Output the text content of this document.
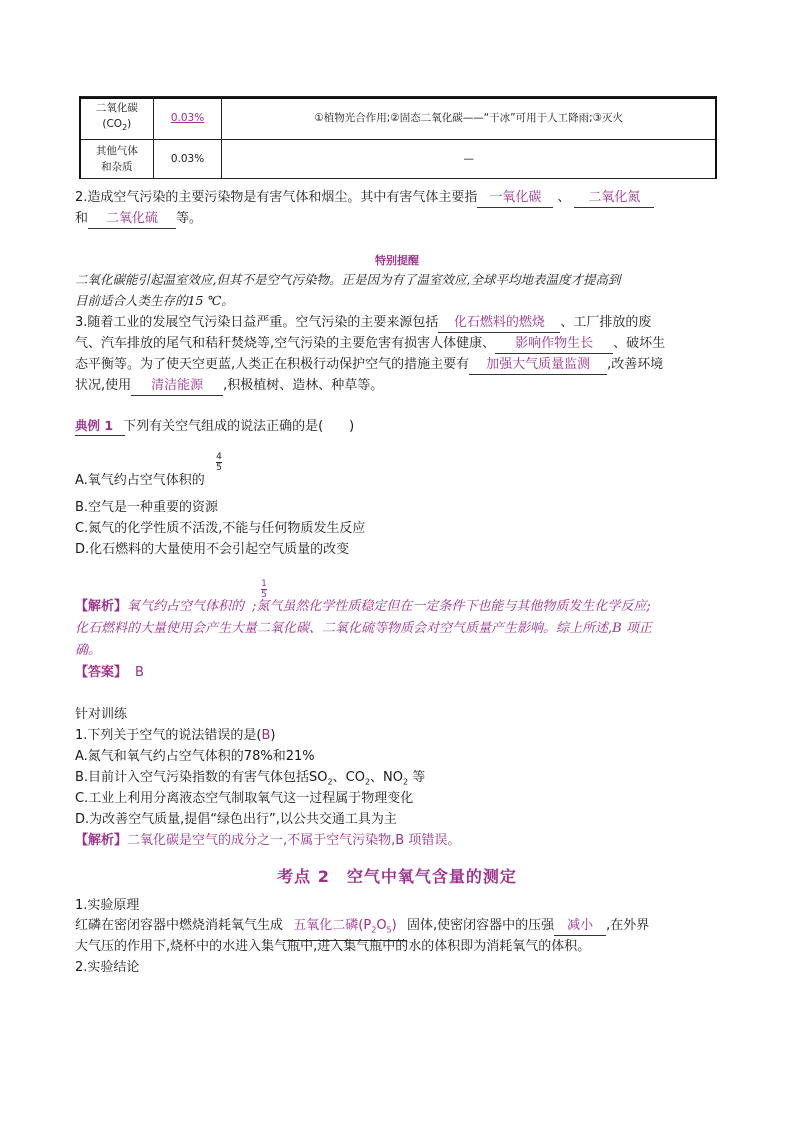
二氧化碳
$(CO_2)$	0.03%	①植物光合作用;②固态二氧化碳——“干冰”可用于人工降雨;③灭火

其他气体
和杂质	0.03%	—
2.造成空气污染的主要污染物是有害气体和烟尘。其中有害气体主要指 一氧化碳 、 二氧化氮
和 二氧化硫 等。
特别提醒
二氧化碳能引起温室效应,但其不是空气污染物。正是因为有了温室效应,全球平均地表温度才提高到
目前适合人类生存的15 ℃。
3.随着工业的发展空气污染日益严重。空气污染的主要来源包括 化石燃料的燃烧 、工厂排放的废
气、汽车排放的尾气和秸秆焚烧等,空气污染的主要危害有损害人体健康、 影响作物生长 、破坏生
态平衡等。为了使天空更蓝,人类正在积极行动保护空气的措施主要有 加强大气质量监测 ,改善环境
状况,使用 清洁能源 ,积极植树、造林、种草等。
典例 1 下列有关空气组成的说法正确的是(　　)
4
5
A.氧气约占空气体积的
B.空气是一种重要的资源
C.氮气的化学性质不活泼,不能与任何物质发生反应
D.化石燃料的大量使用不会引起空气质量的改变
1
5
【解析】氧气约占空气体积的 ;氮气虽然化学性质稳定但在一定条件下也能与其他物质发生化学反应;
化石燃料的大量使用会产生大量二氧化碳、二氧化硫等物质会对空气质量产生影响。综上所述,B 项正
确。
【答案】 B
针对训练
1.下列关于空气的说法错误的是(B)
A.氮气和氧气约占空气体积的78%和21%
B.目前计入空气污染指数的有害气体包括$SO_2$、$CO_2$、$NO_2$ 等
C.工业上利用分离液态空气制取氧气这一过程属于物理变化
D.为改善空气质量,提倡“绿色出行”,以公共交通工具为主
【解析】二氧化碳是空气的成分之一,不属于空气污染物,B 项错误。
考点 2　空气中氧气含量的测定
1.实验原理
红磷在密闭容器中燃烧消耗氧气生成 五氧化二磷$(P_2O_5)$ 固体,使密闭容器中的压强 减小 ,在外界
大气压的作用下,烧杯中的水进入集气瓶中,进入集气瓶中的水的体积即为消耗氧气的体积。
2.实验结论
